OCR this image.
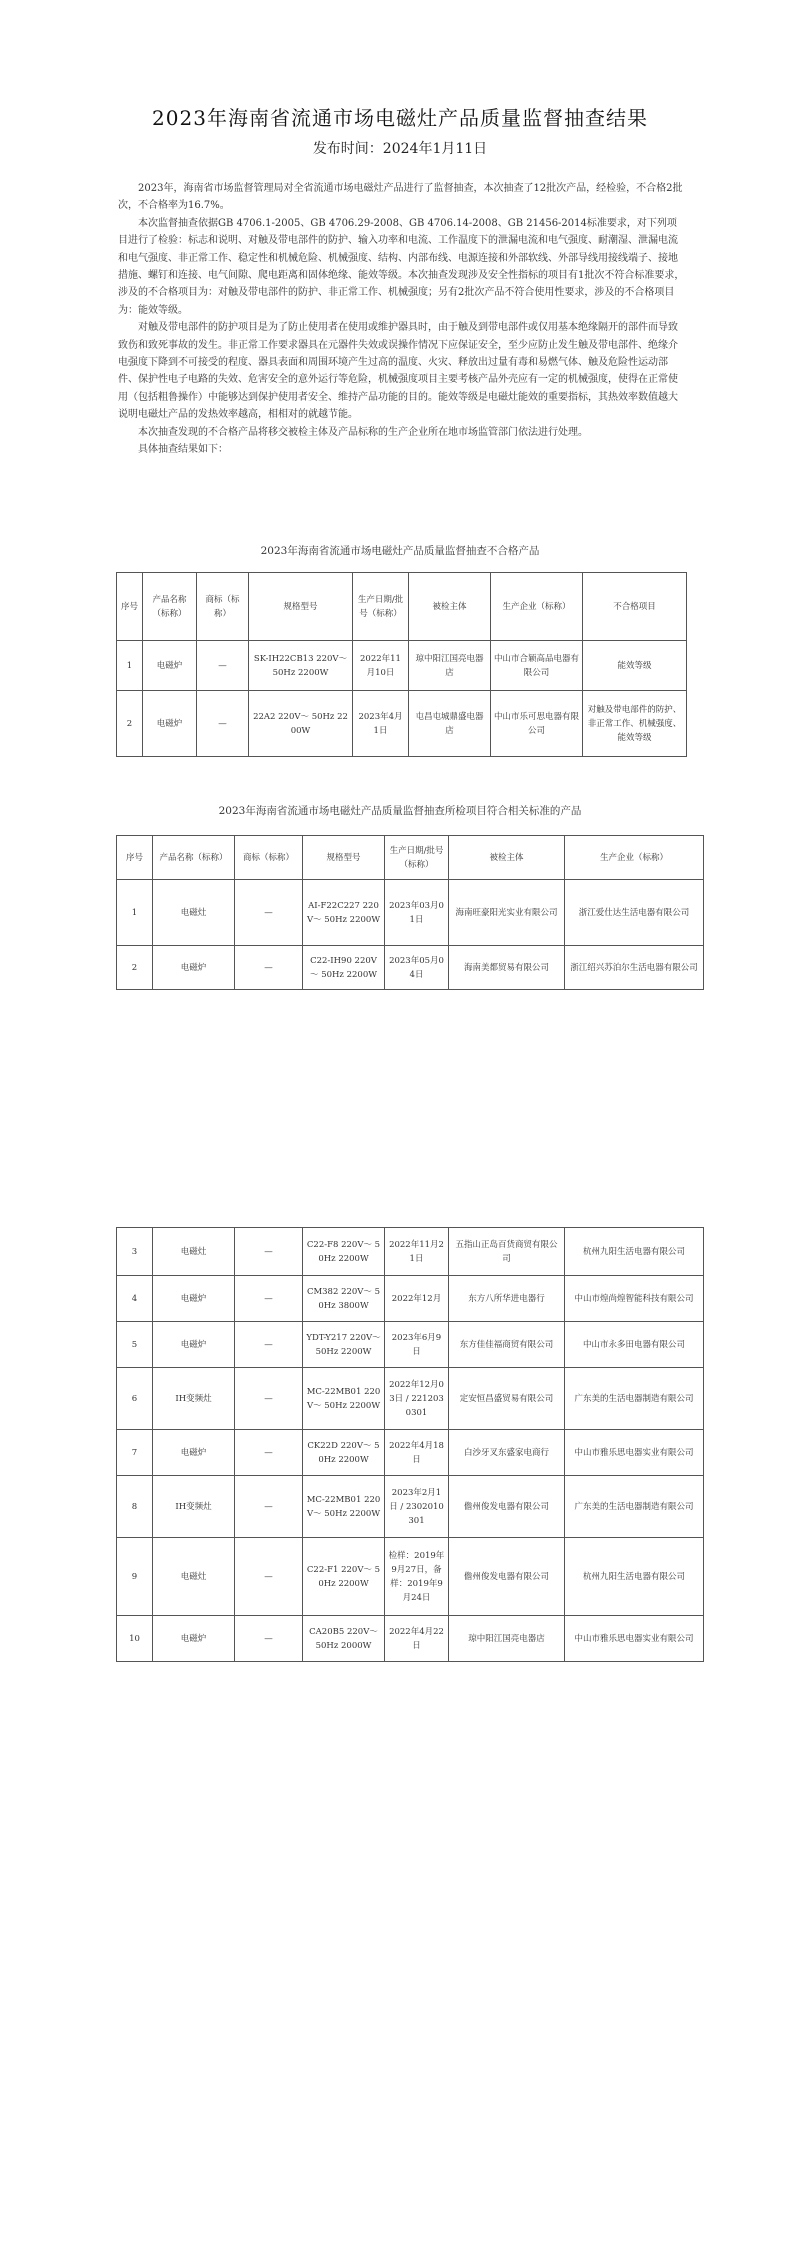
2023年海南省流通市场电磁灶产品质量监督抽查结果
发布时间：2024年1月11日

2023年，海南省市场监督管理局对全省流通市场电磁灶产品进行了监督抽查，本次抽查了12批次产品，经检验，不合格2批次，不合格率为16.7%。

本次监督抽查依据GB 4706.1-2005、GB 4706.29-2008、GB 4706.14-2008、GB 21456-2014标准要求，对下列项目进行了检验：标志和说明、对触及带电部件的防护、输入功率和电流、工作温度下的泄漏电流和电气强度、耐潮湿、泄漏电流和电气强度、非正常工作、稳定性和机械危险、机械强度、结构、内部布线、电源连接和外部软线、外部导线用接线端子、接地措施、螺钉和连接、电气间隙、爬电距离和固体绝缘、能效等级。本次抽查发现涉及安全性指标的项目有1批次不符合标准要求，涉及的不合格项目为：对触及带电部件的防护、非正常工作、机械强度；另有2批次产品不符合使用性要求，涉及的不合格项目为：能效等级。

对触及带电部件的防护项目是为了防止使用者在使用或维护器具时，由于触及到带电部件或仅用基本绝缘隔开的部件而导致致伤和致死事故的发生。非正常工作要求器具在元器件失效或误操作情况下应保证安全，至少应防止发生触及带电部件、绝缘介电强度下降到不可接受的程度、器具表面和周围环境产生过高的温度、火灾、释放出过量有毒和易燃气体、触及危险性运动部件、保护性电子电路的失效、危害安全的意外运行等危险，机械强度项目主要考核产品外壳应有一定的机械强度，使得在正常使用（包括粗鲁操作）中能够达到保护使用者安全、维持产品功能的目的。能效等级是电磁灶能效的重要指标，其热效率数值越大说明电磁灶产品的发热效率越高，相相对的就越节能。

本次抽查发现的不合格产品将移交被检主体及产品标称的生产企业所在地市场监管部门依法进行处理。

具体抽查结果如下：

2023年海南省流通市场电磁灶产品质量监督抽查不合格产品
序号	产品名称（标称）	商标（标称）	规格型号	生产日期/批号（标称）	被检主体	生产企业（标称）	不合格项目
1	电磁炉	—	SK-IH22CB13 220V～ 50Hz 2200W	2022年11月10日	琼中阳江国亮电器店	中山市合颖高品电器有限公司	能效等级
2	电磁炉	—	22A2 220V～ 50Hz 2200W	2023年4月1日	屯昌屯城鼎盛电器店	中山市乐可思电器有限公司	对触及带电部件的防护、非正常工作、机械强度、能效等级
2023年海南省流通市场电磁灶产品质量监督抽查所检项目符合相关标准的产品
序号	产品名称（标称）	商标（标称）	规格型号	生产日期/批号（标称）	被检主体	生产企业（标称）
1	电磁灶	—	AI-F22C227 220V～ 50Hz 2200W	2023年03月01日	海南旺豪阳光实业有限公司	浙江爱仕达生活电器有限公司
2	电磁炉	—	C22-IH90 220V～ 50Hz 2200W	2023年05月04日	海南美都贸易有限公司	浙江绍兴苏泊尔生活电器有限公司
3	电磁灶	—	C22-F8 220V～ 50Hz 2200W	2022年11月21日	五指山正岛百货商贸有限公司	杭州九阳生活电器有限公司
4	电磁炉	—	CM382 220V～ 50Hz 3800W	2022年12月	东方八所华进电器行	中山市煌尚煌智能科技有限公司
5	电磁炉	—	YDT-Y217 220V～ 50Hz 2200W	2023年6月9日	东方佳佳福商贸有限公司	中山市永多田电器有限公司
6	IH变频灶	—	MC-22MB01 220V～ 50Hz 2200W	2022年12月03日 / 2212030301	定安恒昌盛贸易有限公司	广东美的生活电器制造有限公司
7	电磁炉	—	CK22D 220V～ 50Hz 2200W	2022年4月18日	白沙牙叉东盛家电商行	中山市雅乐思电器实业有限公司
8	IH变频灶	—	MC-22MB01 220V～ 50Hz 2200W	2023年2月1日 / 2302010301	儋州俊发电器有限公司	广东美的生活电器制造有限公司
9	电磁灶	—	C22-F1 220V～ 50Hz 2200W	检样：2019年9月27日，备样：2019年9月24日	儋州俊发电器有限公司	杭州九阳生活电器有限公司
10	电磁炉	—	CA20B5 220V～ 50Hz 2000W	2022年4月22日	琼中阳江国亮电器店	中山市雅乐思电器实业有限公司
